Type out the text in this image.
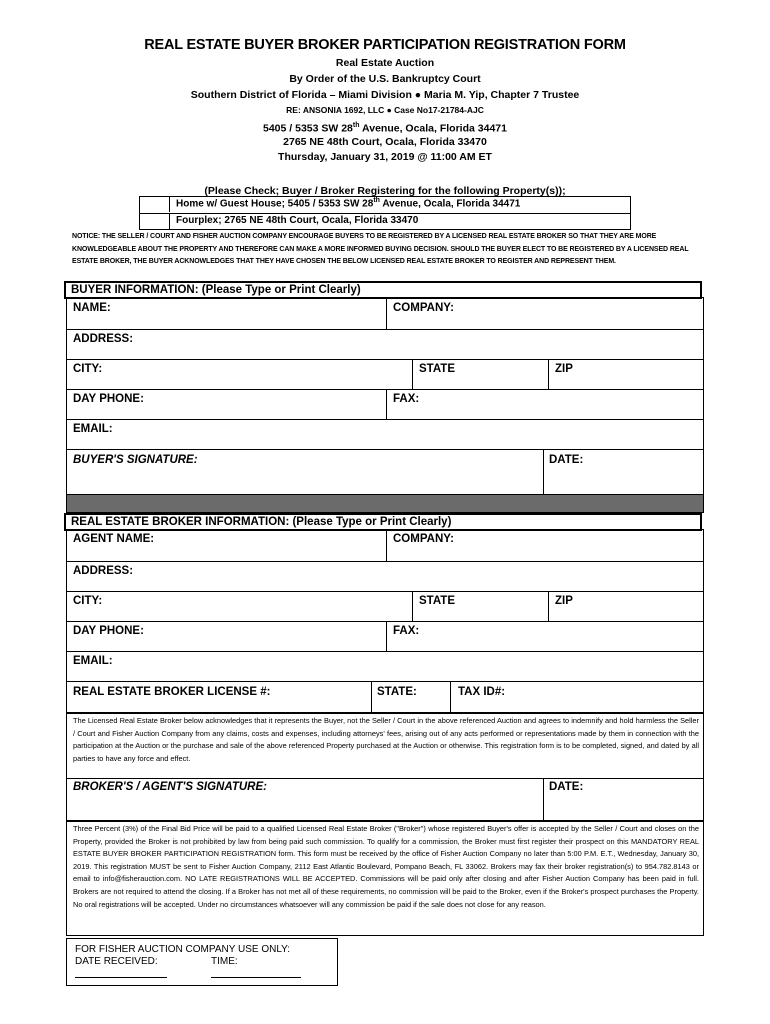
REAL ESTATE BUYER BROKER PARTICIPATION REGISTRATION FORM
Real Estate Auction
By Order of the U.S. Bankruptcy Court
Southern District of Florida – Miami Division ● Maria M. Yip, Chapter 7 Trustee
RE: ANSONIA 1692, LLC ● Case No17-21784-AJC
5405 / 5353 SW 28th Avenue, Ocala, Florida 34471
2765 NE 48th Court, Ocala, Florida 33470
Thursday, January 31, 2019 @ 11:00 AM ET
(Please Check; Buyer / Broker Registering for the following Property(s));
Home w/ Guest House; 5405 / 5353 SW 28th Avenue, Ocala, Florida 34471
Fourplex; 2765 NE 48th Court, Ocala, Florida 33470
NOTICE: THE SELLER / COURT AND FISHER AUCTION COMPANY ENCOURAGE BUYERS TO BE REGISTERED BY A LICENSED REAL ESTATE BROKER SO THAT THEY ARE MORE KNOWLEDGEABLE ABOUT THE PROPERTY AND THEREFORE CAN MAKE A MORE INFORMED BUYING DECISION. SHOULD THE BUYER ELECT TO BE REGISTERED BY A LICENSED REAL ESTATE BROKER, THE BUYER ACKNOWLEDGES THAT THEY HAVE CHOSEN THE BELOW LICENSED REAL ESTATE BROKER TO REGISTER AND REPRESENT THEM.
NAME:	COMPANY:
ADDRESS:
CITY:	STATE	ZIP
DAY PHONE:	FAX:
EMAIL:
BUYER'S SIGNATURE:	DATE:
BUYER INFORMATION: (Please Type or Print Clearly)
AGENT NAME:	COMPANY:
ADDRESS:
CITY:	STATE	ZIP
DAY PHONE:	FAX:
EMAIL:
REAL ESTATE BROKER LICENSE #:	STATE:	TAX ID#:
REAL ESTATE BROKER INFORMATION: (Please Type or Print Clearly)
The Licensed Real Estate Broker below acknowledges that it represents the Buyer, not the Seller / Court in the above referenced Auction and agrees to indemnify and hold harmless the Seller / Court and Fisher Auction Company from any claims, costs and expenses, including attorneys' fees, arising out of any acts performed or representations made by them in connection with the participation at the Auction or the purchase and sale of the above referenced Property purchased at the Auction or otherwise. This registration form is to be completed, signed, and dated by all parties to have any force and effect.
BROKER'S / AGENT'S SIGNATURE:	DATE:
Three Percent (3%) of the Final Bid Price will be paid to a qualified Licensed Real Estate Broker ("Broker") whose registered Buyer's offer is accepted by the Seller / Court and closes on the Property, provided the Broker is not prohibited by law from being paid such commission. To qualify for a commission, the Broker must first register their prospect on this MANDATORY REAL ESTATE BUYER BROKER PARTICIPATION REGISTRATION form. This form must be received by the office of Fisher Auction Company no later than 5:00 P.M. E.T., Wednesday, January 30, 2019. This registration MUST be sent to Fisher Auction Company, 2112 East Atlantic Boulevard, Pompano Beach, FL 33062. Brokers may fax their broker registration(s) to 954.782.8143 or email to info@fisherauction.com. NO LATE REGISTRATIONS WILL BE ACCEPTED. Commissions will be paid only after closing and after Fisher Auction Company has been paid in full. Brokers are not required to attend the closing. If a Broker has not met all of these requirements, no commission will be paid to the Broker, even if the Broker's prospect purchases the Property. No oral registrations will be accepted. Under no circumstances whatsoever will any commission be paid if the sale does not close for any reason.
FOR FISHER AUCTION COMPANY USE ONLY:
DATE RECEIVED:	TIME:
